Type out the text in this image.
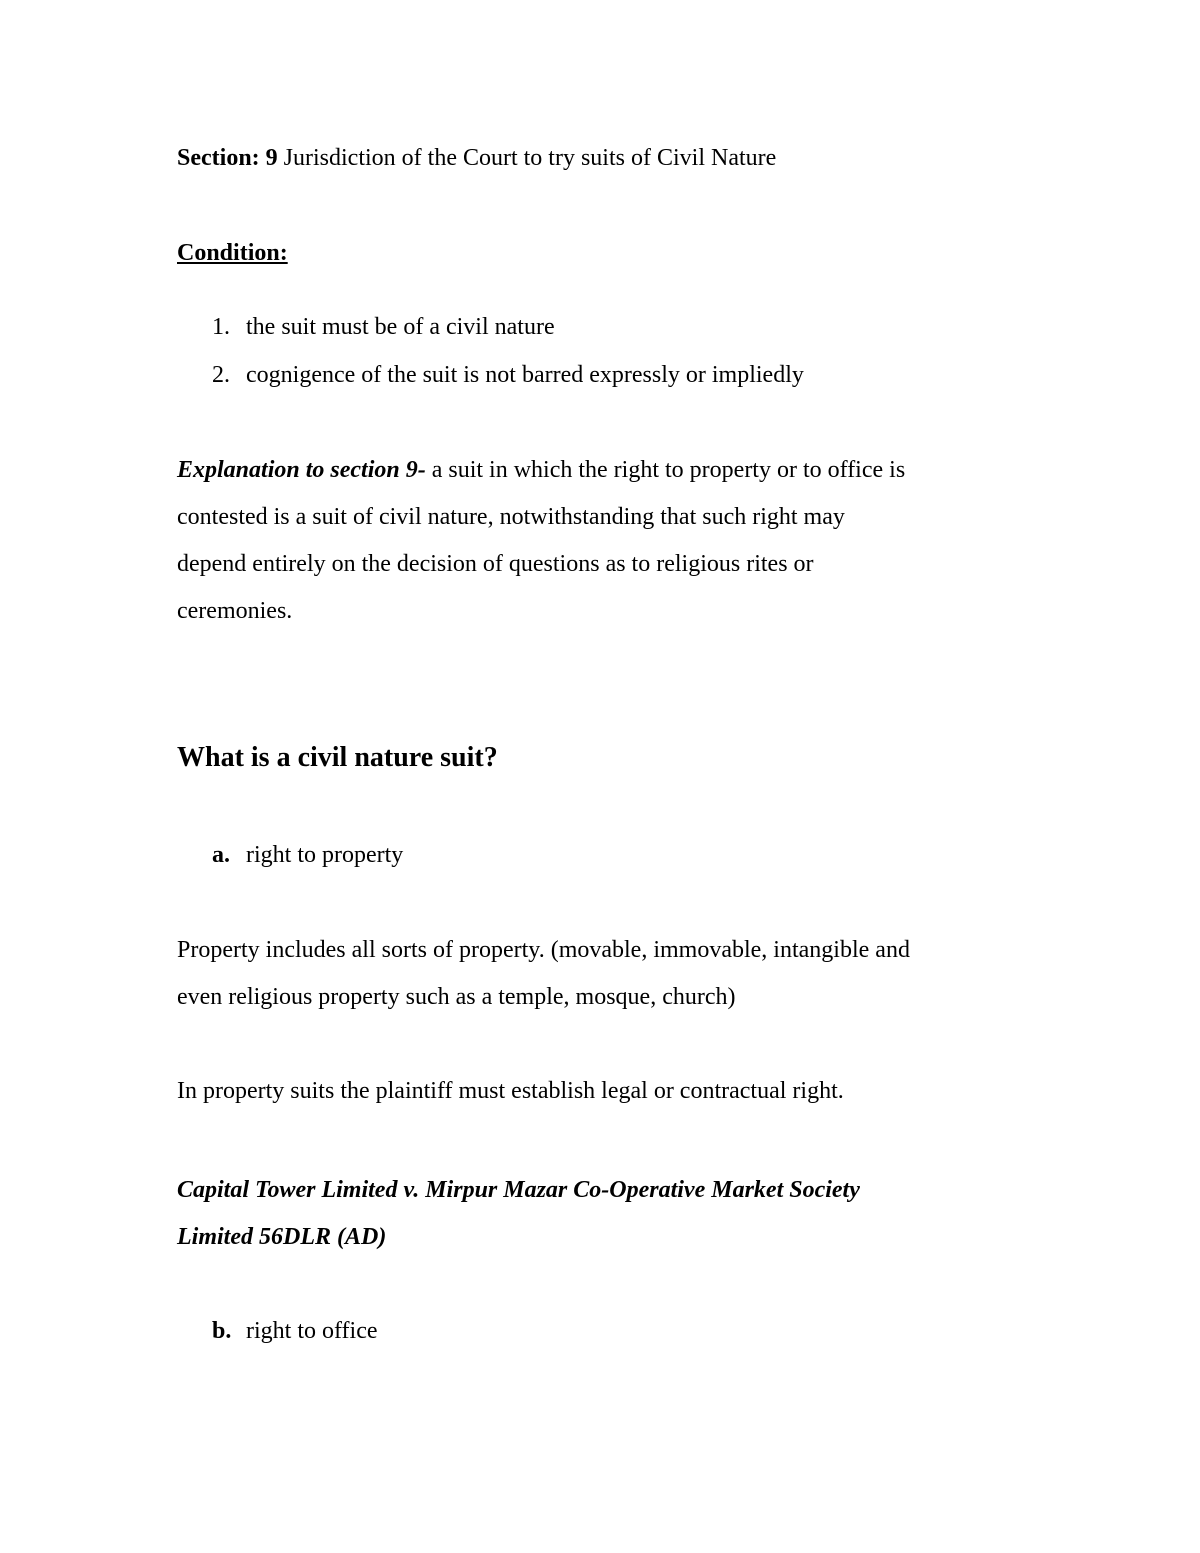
Section: 9 Jurisdiction of the Court to try suits of Civil Nature
Condition:
1. the suit must be of a civil nature
2. cognigence of the suit is not barred expressly or impliedly
Explanation to section 9- a suit in which the right to property or to office is
contested is a suit of civil nature, notwithstanding that such right may
depend entirely on the decision of questions as to religious rites or
ceremonies.
What is a civil nature suit?
a. right to property
Property includes all sorts of property. (movable, immovable, intangible and
even religious property such as a temple, mosque, church)
In property suits the plaintiff must establish legal or contractual right.
Capital Tower Limited v. Mirpur Mazar Co-Operative Market Society
Limited 56DLR (AD)
b. right to office
